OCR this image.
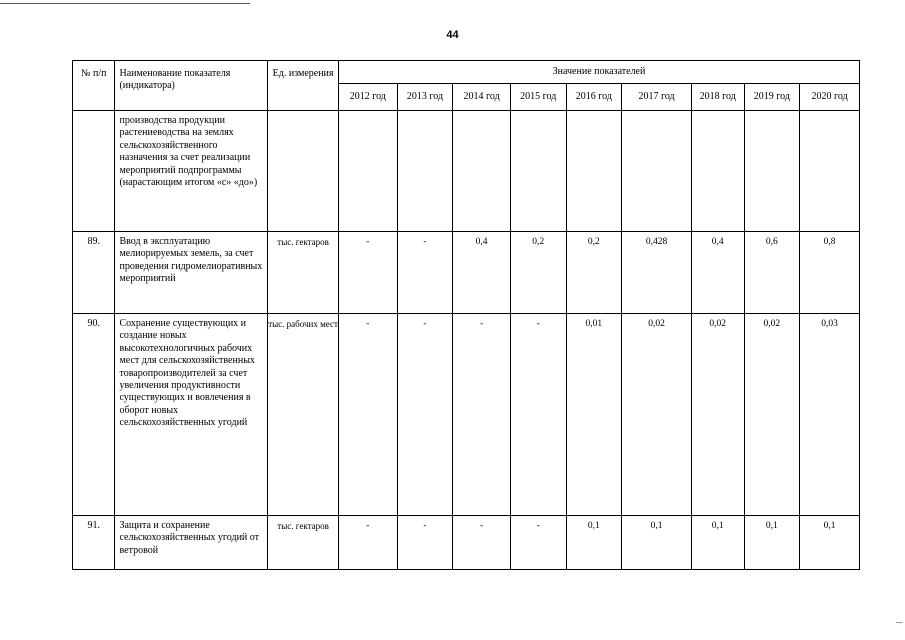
44
№ п/п	Наименование показателя (индикатора)	Ед. измерения	Значение показателей								
			2012 год	2013 год	2014 год	2015 год	2016 год	2017 год	2018 год	2019 год	2020 год
	производства продукции растениеводства на землях сельскохозяйственного назначения за счет реализации мероприятий подпрограммы (нарастающим итогом «с» «до»)										
89.	Ввод в эксплуатацию мелиорируемых земель, за счет проведения гидромелиоративных мероприятий	тыс. гектаров	-	-	0,4	0,2	0,2	0,428	0,4	0,6	0,8
90.	Сохранение существующих и создание новых высокотехнологичных рабочих мест для сельскохозяйственных товаропроизводителей за счет увеличения продуктивности существующих и вовлечения в оборот новых сельскохозяйственных угодий	тыс. рабочих мест	-	-	-	-	0,01	0,02	0,02	0,02	0,03
91.	Защита и сохранение сельскохозяйственных угодий от ветровой	тыс. гектаров	-	-	-	-	0,1	0,1	0,1	0,1	0,1
